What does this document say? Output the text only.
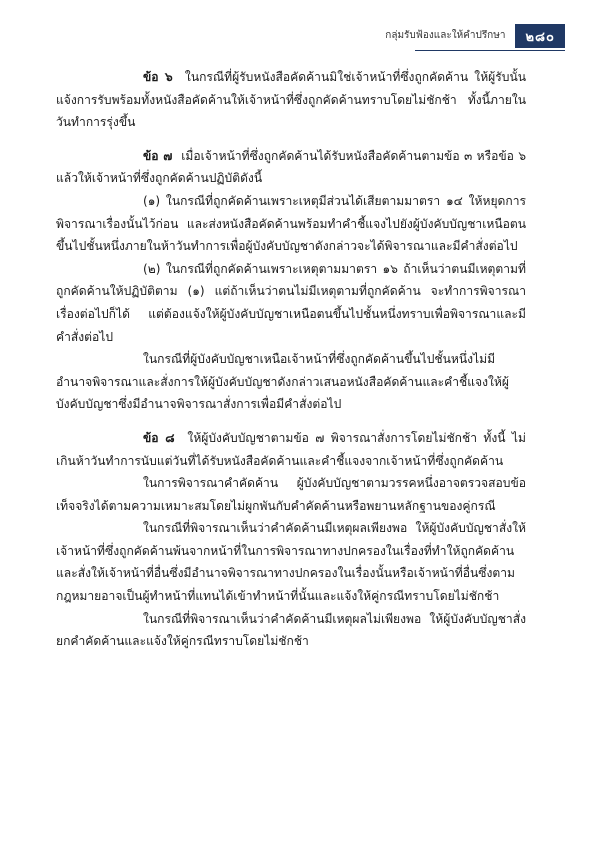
กลุ่มรับฟ้องและให้คำปรึกษา	๒๘๐

ข้อ ๖ ในกรณีที่ผู้รับหนังสือคัดค้านมิใช่เจ้าหน้าที่ซึ่งถูกคัดค้าน ให้ผู้รับนั้นแจ้งการรับพร้อมทั้งหนังสือคัดค้านให้เจ้าหน้าที่ซึ่งถูกคัดค้านทราบโดยไม่ชักช้า ทั้งนี้ภายในวันทำการรุ่งขึ้น

ข้อ ๗ เมื่อเจ้าหน้าที่ซึ่งถูกคัดค้านได้รับหนังสือคัดค้านตามข้อ ๓ หรือข้อ ๖ แล้วให้เจ้าหน้าที่ซึ่งถูกคัดค้านปฏิบัติดังนี้

(๑) ในกรณีที่ถูกคัดค้านเพราะเหตุมีส่วนได้เสียตามมาตรา ๑๔ ให้หยุดการพิจารณาเรื่องนั้นไว้ก่อน และส่งหนังสือคัดค้านพร้อมทำคำชี้แจงไปยังผู้บังคับบัญชาเหนือตนขึ้นไปชั้นหนึ่งภายในห้าวันทำการเพื่อผู้บังคับบัญชาดังกล่าวจะได้พิจารณาและมีคำสั่งต่อไป

(๒) ในกรณีที่ถูกคัดค้านเพราะเหตุตามมาตรา ๑๖ ถ้าเห็นว่าตนมีเหตุตามที่ถูกคัดค้านให้ปฏิบัติตาม (๑) แต่ถ้าเห็นว่าตนไม่มีเหตุตามที่ถูกคัดค้าน จะทำการพิจารณาเรื่องต่อไปก็ได้ แต่ต้องแจ้งให้ผู้บังคับบัญชาเหนือตนขึ้นไปชั้นหนึ่งทราบเพื่อพิจารณาและมีคำสั่งต่อไป

ในกรณีที่ผู้บังคับบัญชาเหนือเจ้าหน้าที่ซึ่งถูกคัดค้านขึ้นไปชั้นหนึ่งไม่มีอำนาจพิจารณาและสั่งการให้ผู้บังคับบัญชาดังกล่าวเสนอหนังสือคัดค้านและคำชี้แจงให้ผู้บังคับบัญชาซึ่งมีอำนาจพิจารณาสั่งการเพื่อมีคำสั่งต่อไป

ข้อ ๘ ให้ผู้บังคับบัญชาตามข้อ ๗ พิจารณาสั่งการโดยไม่ชักช้า ทั้งนี้ ไม่เกินห้าวันทำการนับแต่วันที่ได้รับหนังสือคัดค้านและคำชี้แจงจากเจ้าหน้าที่ซึ่งถูกคัดค้าน

ในการพิจารณาคำคัดค้าน ผู้บังคับบัญชาตามวรรคหนึ่งอาจตรวจสอบข้อเท็จจริงได้ตามความเหมาะสมโดยไม่ผูกพันกับคำคัดค้านหรือพยานหลักฐานของคู่กรณี

ในกรณีที่พิจารณาเห็นว่าคำคัดค้านมีเหตุผลเพียงพอ ให้ผู้บังคับบัญชาสั่งให้เจ้าหน้าที่ซึ่งถูกคัดค้านพ้นจากหน้าที่ในการพิจารณาทางปกครองในเรื่องที่ทำให้ถูกคัดค้าน และสั่งให้เจ้าหน้าที่อื่นซึ่งมีอำนาจพิจารณาทางปกครองในเรื่องนั้นหรือเจ้าหน้าที่อื่นซึ่งตามกฎหมายอาจเป็นผู้ทำหน้าที่แทนได้เข้าทำหน้าที่นั้นและแจ้งให้คู่กรณีทราบโดยไม่ชักช้า

ในกรณีที่พิจารณาเห็นว่าคำคัดค้านมีเหตุผลไม่เพียงพอ ให้ผู้บังคับบัญชาสั่งยกคำคัดค้านและแจ้งให้คู่กรณีทราบโดยไม่ชักช้า
